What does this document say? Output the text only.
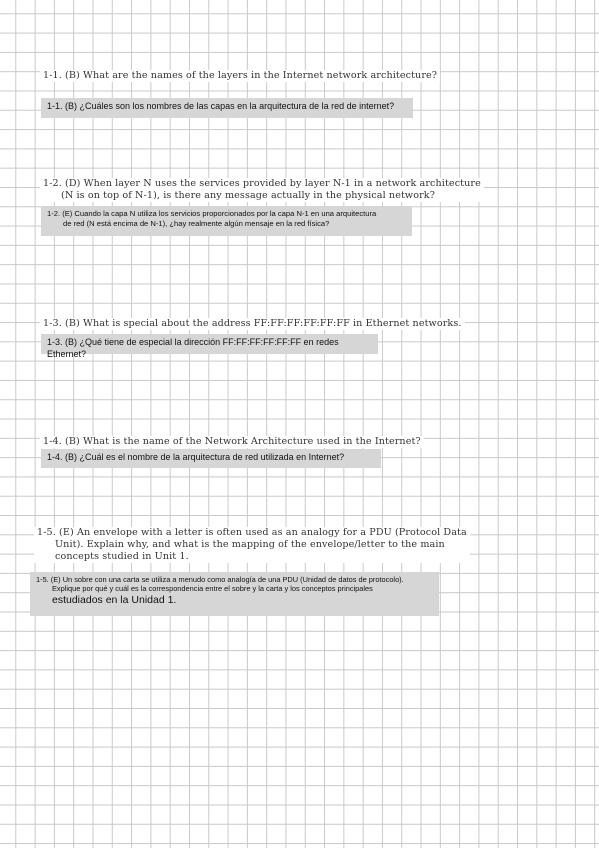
1-1. (B) What are the names of the layers in the Internet network architecture?
1-1. (B) ¿Cuáles son los nombres de las capas en la arquitectura de la red de internet?
1-2. (D) When layer N uses the services provided by layer N-1 in a network architecture
(N is on top of N-1), is there any message actually in the physical network?
1-2. (E) Cuando la capa N utiliza los servicios proporcionados por la capa N-1 en una arquitectura
de red (N está encima de N-1), ¿hay realmente algún mensaje en la red física?
1-3. (B) What is special about the address FF:FF:FF:FF:FF:FF in Ethernet networks.
1-3. (B) ¿Qué tiene de especial la dirección FF:FF:FF:FF:FF:FF en redes Ethernet?
1-4. (B) What is the name of the Network Architecture used in the Internet?
1-4. (B) ¿Cuál es el nombre de la arquitectura de red utilizada en Internet?
1-5. (E) An envelope with a letter is often used as an analogy for a PDU (Protocol Data
Unit). Explain why, and what is the mapping of the envelope/letter to the main
concepts studied in Unit 1.
1-5. (E) Un sobre con una carta se utiliza a menudo como analogía de una PDU (Unidad de datos de protocolo).
Explique por qué y cuál es la correspondencia entre el sobre y la carta y los conceptos principales
estudiados en la Unidad 1.
